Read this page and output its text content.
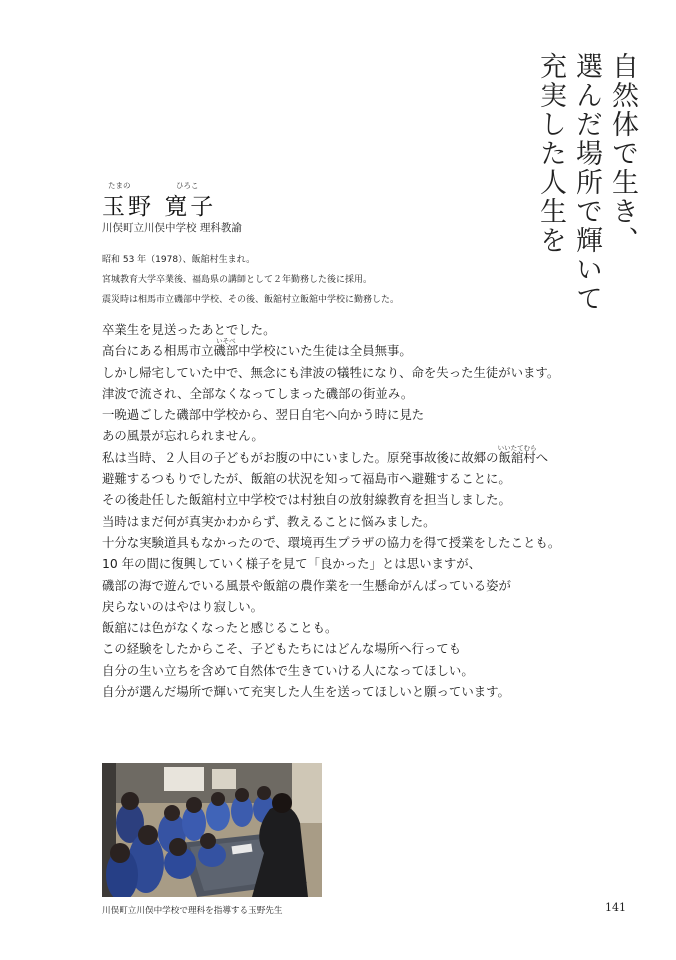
自然体で生き、
選んだ場所で輝いて
充実した人生を
たまの	ひろこ
玉野 寛子
川俣町立川俣中学校 理科教諭
昭和 53 年（1978）、飯舘村生まれ。
宮城教育大学卒業後、福島県の講師として２年勤務した後に採用。
震災時は相馬市立磯部中学校、その後、飯舘村立飯舘中学校に勤務した。
卒業生を見送ったあとでした。
高台にある相馬市立
いそべ
磯部中学校にいた生徒は全員無事。
しかし帰宅していた中で、無念にも津波の犠牲になり、命を失った生徒がいます。
津波で流され、全部なくなってしまった磯部の街並み。
一晩過ごした磯部中学校から、翌日自宅へ向かう時に見た
あの風景が忘れられません。
私は当時、２人目の子どもがお腹の中にいました。原発事故後に故郷の
いいたてむら
飯舘村へ
避難するつもりでしたが、飯舘の状況を知って福島市へ避難することに。
その後赴任した飯舘村立中学校では村独自の放射線教育を担当しました。
当時はまだ何が真実かわからず、教えることに悩みました。
十分な実験道具もなかったので、環境再生プラザの協力を得て授業をしたことも。
10 年の間に復興していく様子を見て「良かった」とは思いますが、
磯部の海で遊んでいる風景や飯舘の農作業を一生懸命がんばっている姿が
戻らないのはやはり寂しい。
飯舘には色がなくなったと感じることも。
この経験をしたからこそ、子どもたちにはどんな場所へ行っても
自分の生い立ちを含めて自然体で生きていける人になってほしい。
自分が選んだ場所で輝いて充実した人生を送ってほしいと願っています。
川俣町立川俣中学校で理科を指導する玉野先生	141
